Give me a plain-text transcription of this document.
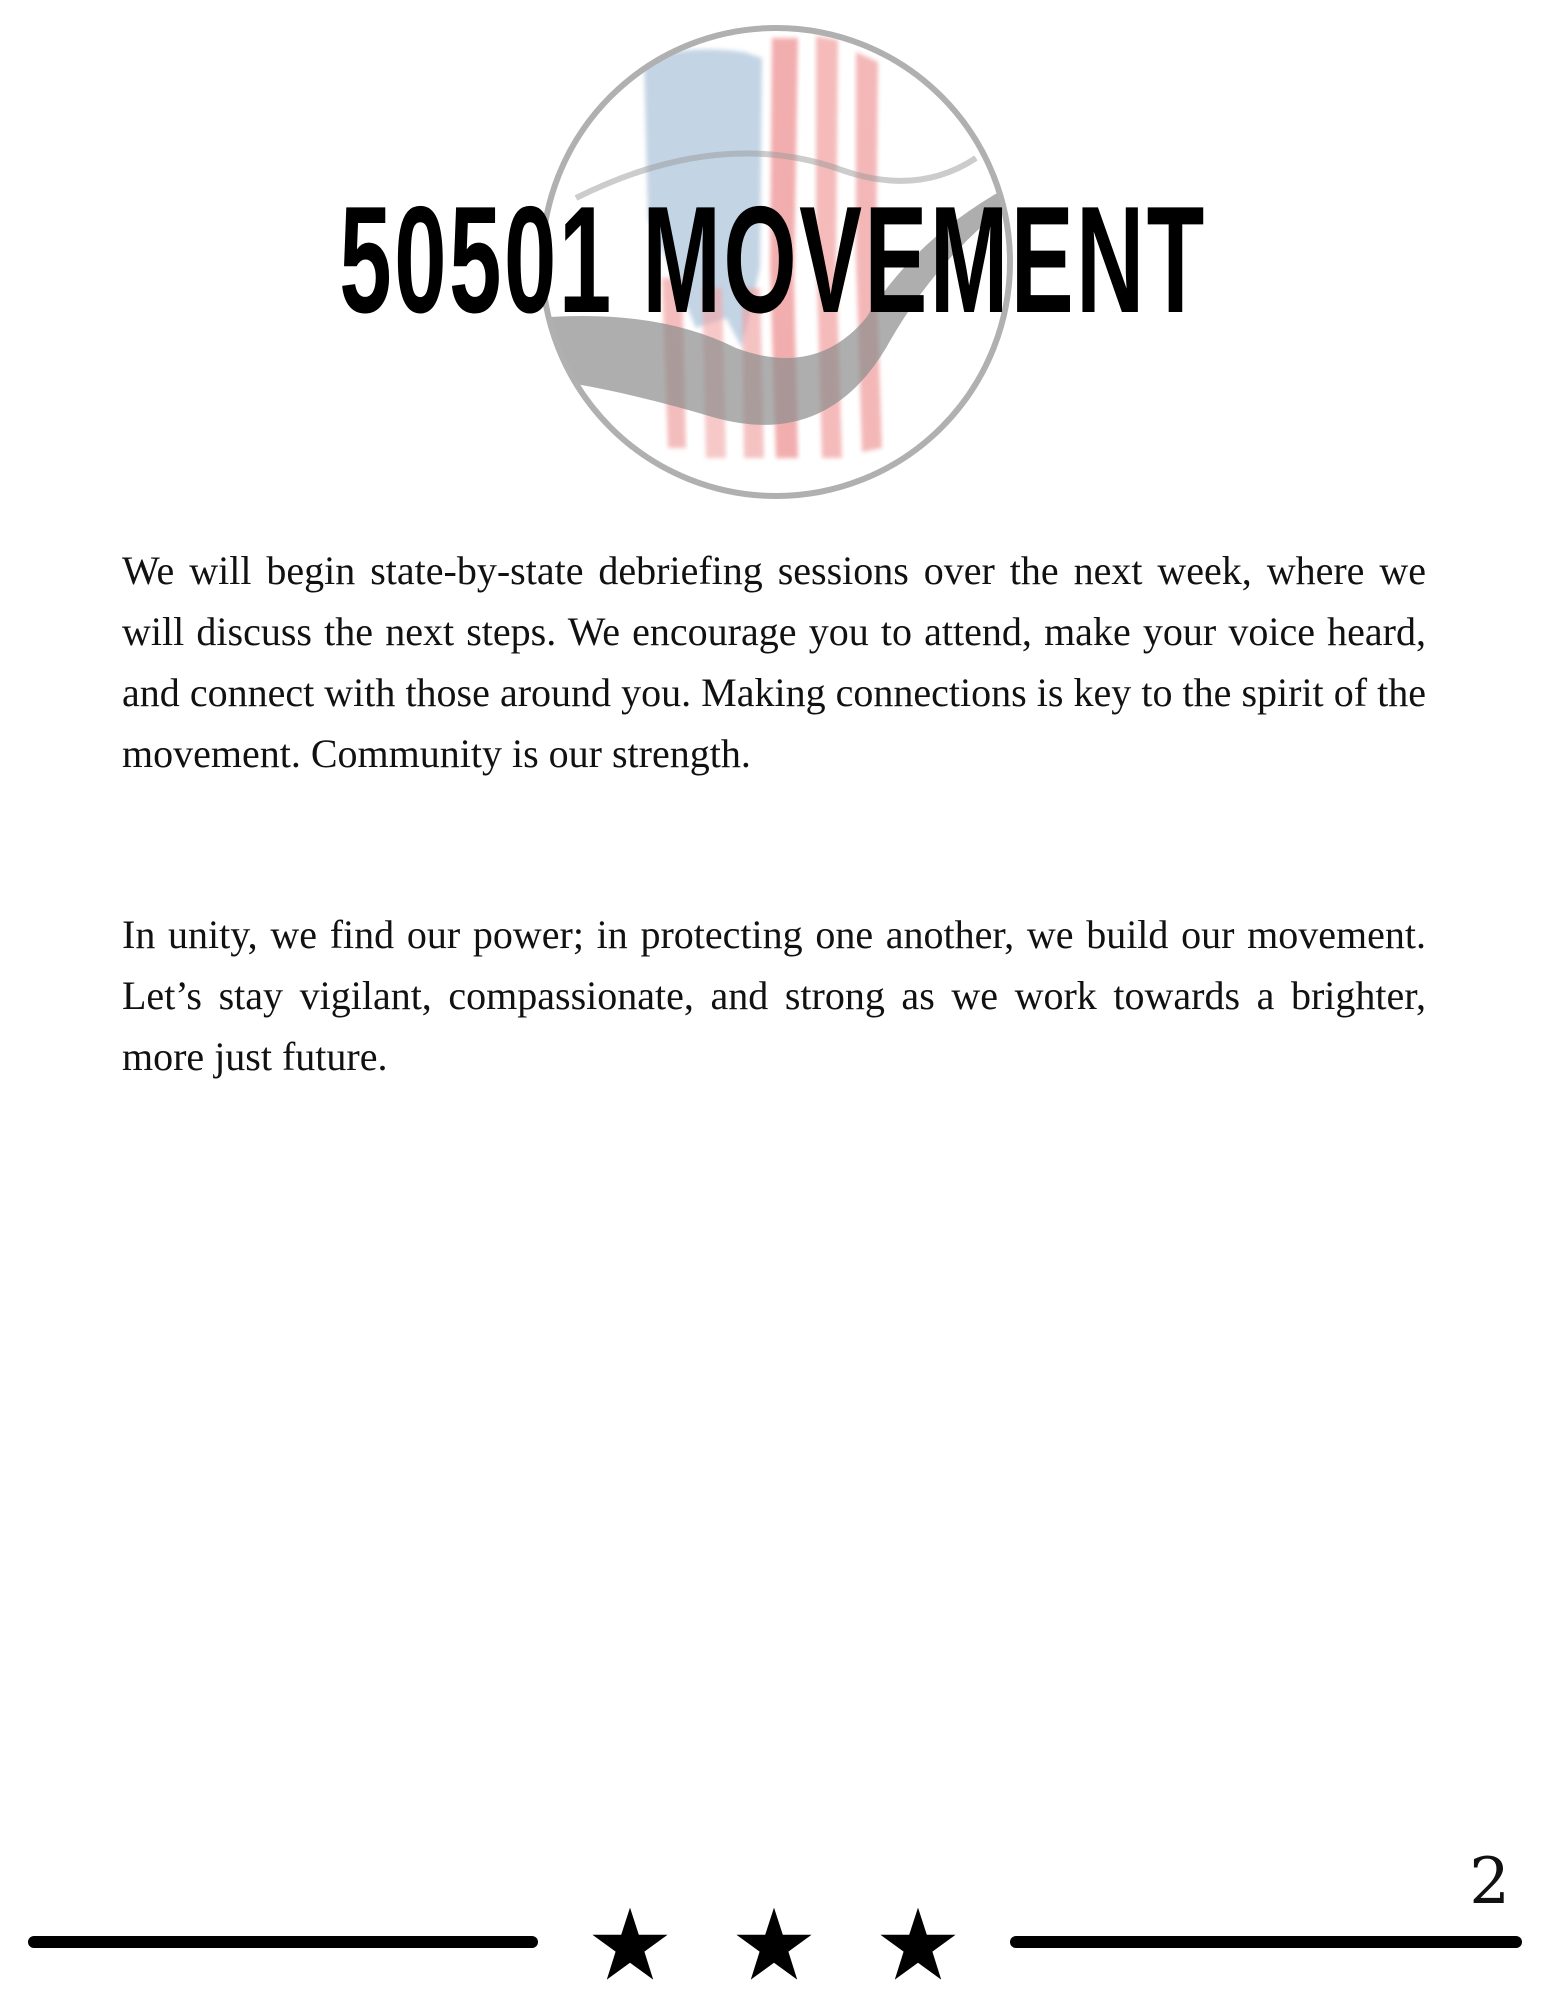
50501 MOVEMENT

We will begin state-by-state debriefing sessions over the next week, where we will discuss the next steps. We encourage you to attend, make your voice heard, and connect with those around you. Making connections is key to the spirit of the movement. Community is our strength.

In unity, we find our power; in protecting one another, we build our movement. Let’s stay vigilant, compassionate, and strong as we work towards a brighter, more just future.

2
